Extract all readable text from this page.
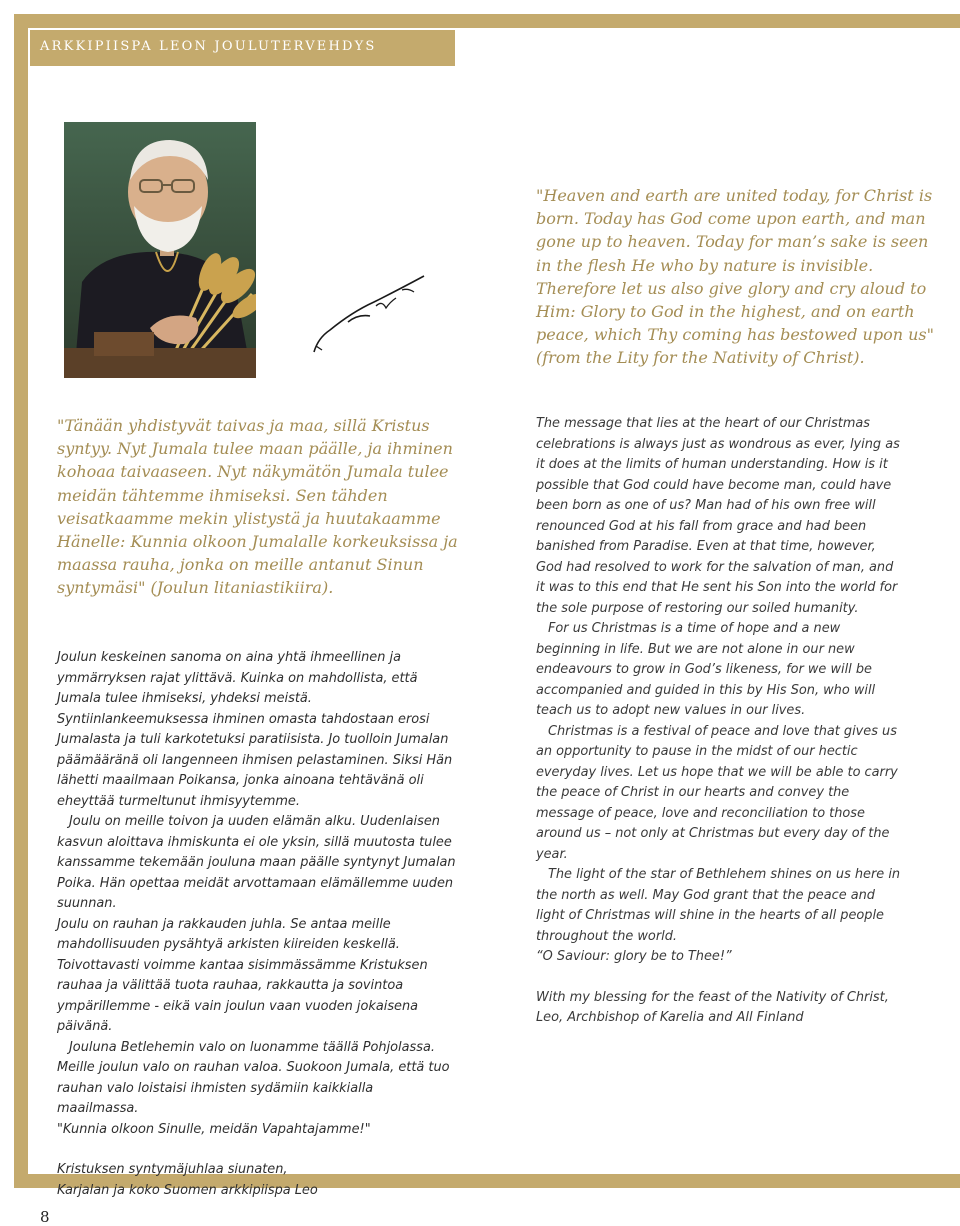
ARKKIPIISPA LEON JOULUTERVEHDYS

"Heaven and earth are united today, for Christ is born. Today has God come upon earth, and man gone up to heaven. Today for man’s sake is seen in the flesh He who by nature is invisible. Therefore let us also give glory and cry aloud to Him: Glory to God in the highest, and on earth peace, which Thy coming has bestowed upon us" (from the Lity for the Nativity of Christ).

"Tänään yhdistyvät taivas ja maa, sillä Kristus syntyy. Nyt Jumala tulee maan päälle, ja ihminen kohoaa taivaaseen. Nyt näkymätön Jumala tulee meidän tähtemme ihmiseksi. Sen tähden veisatkaamme mekin ylistystä ja huutakaamme Hänelle: Kunnia olkoon Jumalalle korkeuksissa ja maassa rauha, jonka on meille antanut Sinun syntymäsi" (Joulun litaniastikiira).

Joulun keskeinen sanoma on aina yhtä ihmeellinen ja ymmärryksen rajat ylittävä. Kuinka on mahdollista, että Jumala tulee ihmiseksi, yhdeksi meistä. Syntiinlankeemuksessa ihminen omasta tahdostaan erosi Jumalasta ja tuli karkotetuksi paratiisista. Jo tuolloin Jumalan päämääränä oli langenneen ihmisen pelastaminen. Siksi Hän lähetti maailmaan Poikansa, jonka ainoana tehtävänä oli eheyttää turmeltunut ihmisyytemme.

Joulu on meille toivon ja uuden elämän alku. Uudenlaisen kasvun aloittava ihmiskunta ei ole yksin, sillä muutosta tulee kanssamme tekemään jouluna maan päälle syntynyt Jumalan Poika. Hän opettaa meidät arvottamaan elämällemme uuden suunnan.

Joulu on rauhan ja rakkauden juhla. Se antaa meille mahdollisuuden pysähtyä arkisten kiireiden keskellä. Toivottavasti voimme kantaa sisimmässämme Kristuksen rauhaa ja välittää tuota rauhaa, rakkautta ja sovintoa ympärillemme - eikä vain joulun vaan vuoden jokaisena päivänä.

Jouluna Betlehemin valo on luonamme täällä Pohjolassa. Meille joulun valo on rauhan valoa. Suokoon Jumala, että tuo rauhan valo loistaisi ihmisten sydämiin kaikkialla maailmassa.

"Kunnia olkoon Sinulle, meidän Vapahtajamme!"

Kristuksen syntymäjuhlaa siunaten,

Karjalan ja koko Suomen arkkipiispa Leo

The message that lies at the heart of our Christmas celebrations is always just as wondrous as ever, lying as it does at the limits of human understanding. How is it possible that God could have become man, could have been born as one of us? Man had of his own free will renounced God at his fall from grace and had been banished from Paradise. Even at that time, however, God had resolved to work for the salvation of man, and it was to this end that He sent his Son into the world for the sole purpose of restoring our soiled humanity.

For us Christmas is a time of hope and a new beginning in life. But we are not alone in our new endeavours to grow in God’s likeness, for we will be accompanied and guided in this by His Son, who will teach us to adopt new values in our lives.

Christmas is a festival of peace and love that gives us an opportunity to pause in the midst of our hectic everyday lives. Let us hope that we will be able to carry the peace of Christ in our hearts and convey the message of peace, love and reconciliation to those around us – not only at Christmas but every day of the year.

The light of the star of Bethlehem shines on us here in the north as well. May God grant that the peace and light of Christmas will shine in the hearts of all people throughout the world.

“O Saviour: glory be to Thee!”

With my blessing for the feast of the Nativity of Christ,

Leo, Archbishop of Karelia and All Finland

8
